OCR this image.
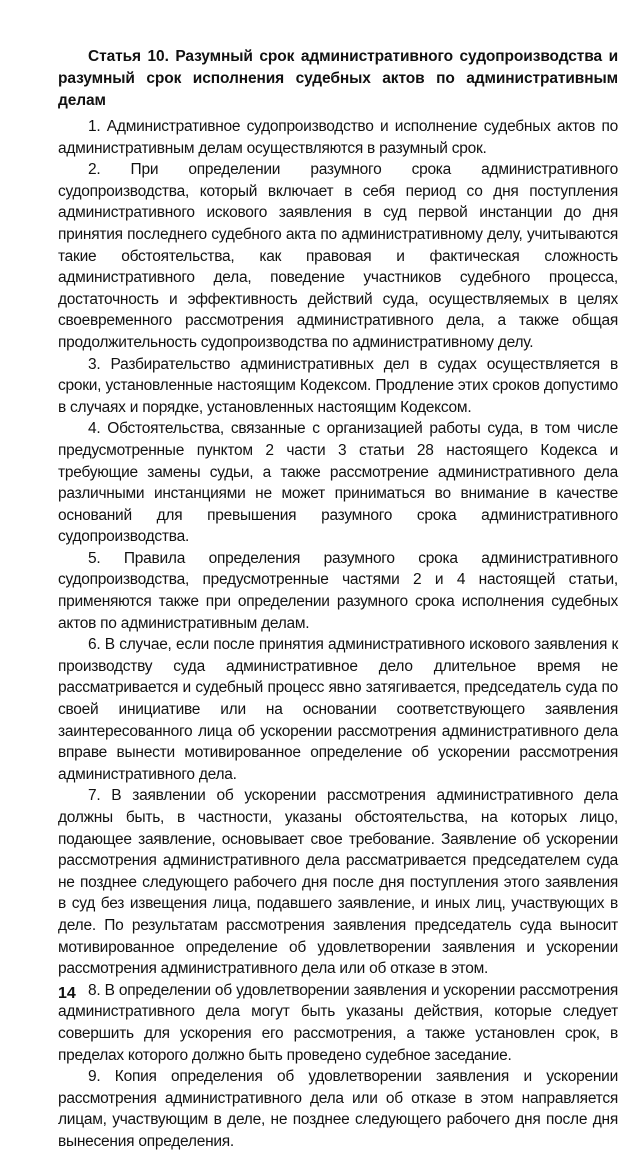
Статья 10. Разумный срок административного судопроизводства и разумный срок исполнения судебных актов по административным делам

1. Административное судопроизводство и исполнение судебных актов по административным делам осуществляются в разумный срок.

2. При определении разумного срока административного судопроизводства, который включает в себя период со дня поступления административного искового заявления в суд первой инстанции до дня принятия последнего судебного акта по административному делу, учитываются такие обстоятельства, как правовая и фактическая сложность административного дела, поведение участников судебного процесса, достаточность и эффективность действий суда, осуществляемых в целях своевременного рассмотрения административного дела, а также общая продолжительность судопроизводства по административному делу.

3. Разбирательство административных дел в судах осуществляется в сроки, установленные настоящим Кодексом. Продление этих сроков допустимо в случаях и порядке, установленных настоящим Кодексом.

4. Обстоятельства, связанные с организацией работы суда, в том числе предусмотренные пунктом 2 части 3 статьи 28 настоящего Кодекса и требующие замены судьи, а также рассмотрение административного дела различными инстанциями не может приниматься во внимание в качестве оснований для превышения разумного срока административного судопроизводства.

5. Правила определения разумного срока административного судопроизводства, предусмотренные частями 2 и 4 настоящей статьи, применяются также при определении разумного срока исполнения судебных актов по административным делам.

6. В случае, если после принятия административного искового заявления к производству суда административное дело длительное время не рассматривается и судебный процесс явно затягивается, председатель суда по своей инициативе или на основании соответствующего заявления заинтересованного лица об ускорении рассмотрения административного дела вправе вынести мотивированное определение об ускорении рассмотрения административного дела.

7. В заявлении об ускорении рассмотрения административного дела должны быть, в частности, указаны обстоятельства, на которых лицо, подающее заявление, основывает свое требование. Заявление об ускорении рассмотрения административного дела рассматривается председателем суда не позднее следующего рабочего дня после дня поступления этого заявления в суд без извещения лица, подавшего заявление, и иных лиц, участвующих в деле. По результатам рассмотрения заявления председатель суда выносит мотивированное определение об удовлетворении заявления и ускорении рассмотрения административного дела или об отказе в этом.

8. В определении об удовлетворении заявления и ускорении рассмотрения административного дела могут быть указаны действия, которые следует совершить для ускорения его рассмотрения, а также установлен срок, в пределах которого должно быть проведено судебное заседание.

9. Копия определения об удовлетворении заявления и ускорении рассмотрения административного дела или об отказе в этом направляется лицам, участвующим в деле, не позднее следующего рабочего дня после дня вынесения определения.

14
